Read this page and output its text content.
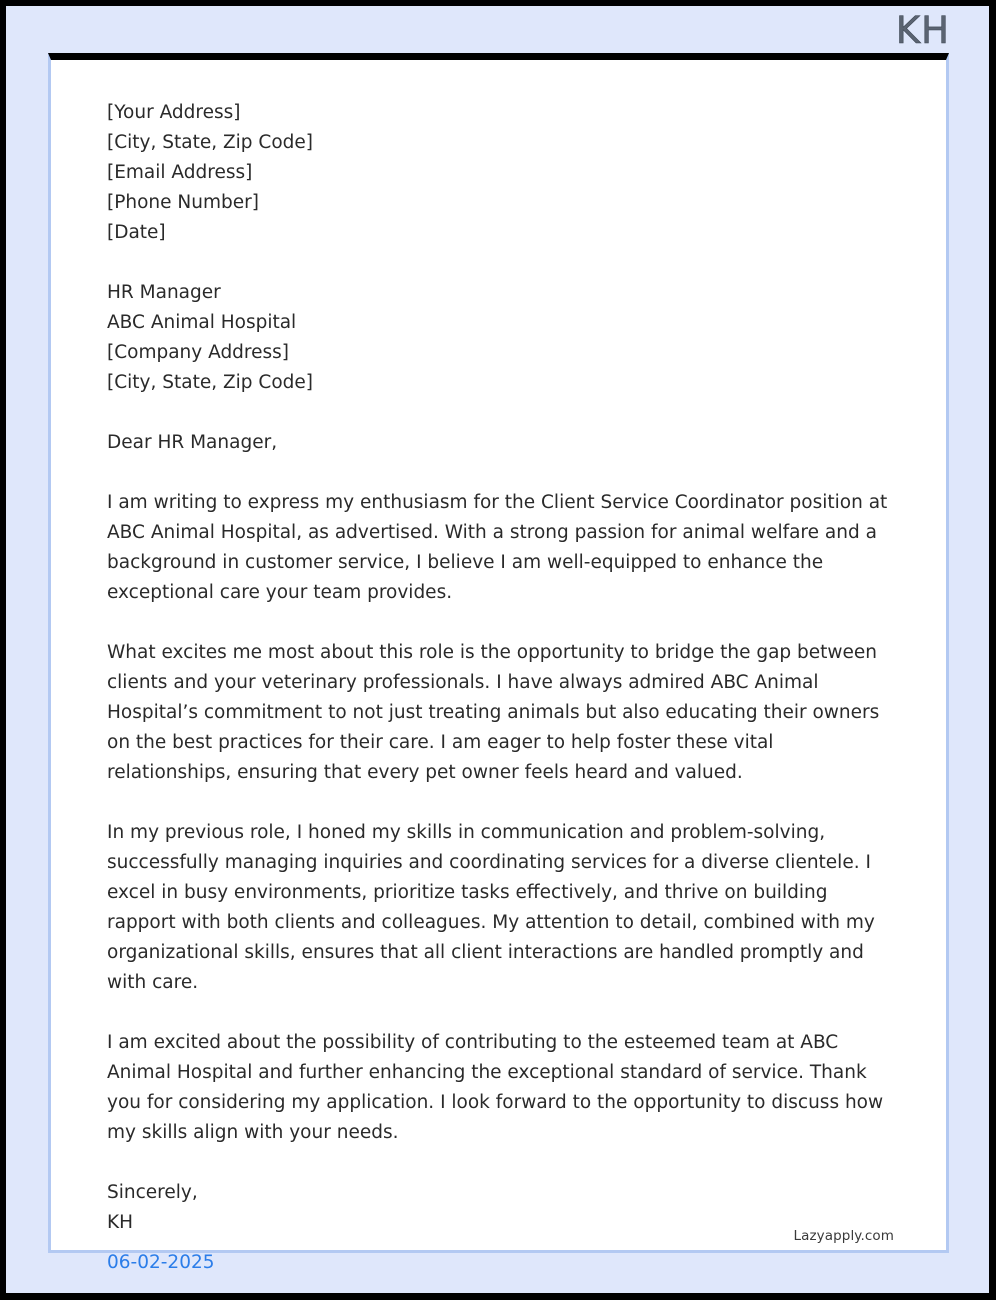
KH
[Your Address]
[City, State, Zip Code]
[Email Address]
[Phone Number]
[Date]
HR Manager
ABC Animal Hospital
[Company Address]
[City, State, Zip Code]
Dear HR Manager,

I am writing to express my enthusiasm for the Client Service Coordinator position at ABC Animal Hospital, as advertised. With a strong passion for animal welfare and a background in customer service, I believe I am well-equipped to enhance the exceptional care your team provides.

What excites me most about this role is the opportunity to bridge the gap between clients and your veterinary professionals. I have always admired ABC Animal Hospital’s commitment to not just treating animals but also educating their owners on the best practices for their care. I am eager to help foster these vital relationships, ensuring that every pet owner feels heard and valued.

In my previous role, I honed my skills in communication and problem-solving, successfully managing inquiries and coordinating services for a diverse clientele. I excel in busy environments, prioritize tasks effectively, and thrive on building rapport with both clients and colleagues. My attention to detail, combined with my organizational skills, ensures that all client interactions are handled promptly and with care.

I am excited about the possibility of contributing to the esteemed team at ABC Animal Hospital and further enhancing the exceptional standard of service. Thank you for considering my application. I look forward to the opportunity to discuss how my skills align with your needs.

Sincerely,
KH
06-02-2025
Lazyapply.com
